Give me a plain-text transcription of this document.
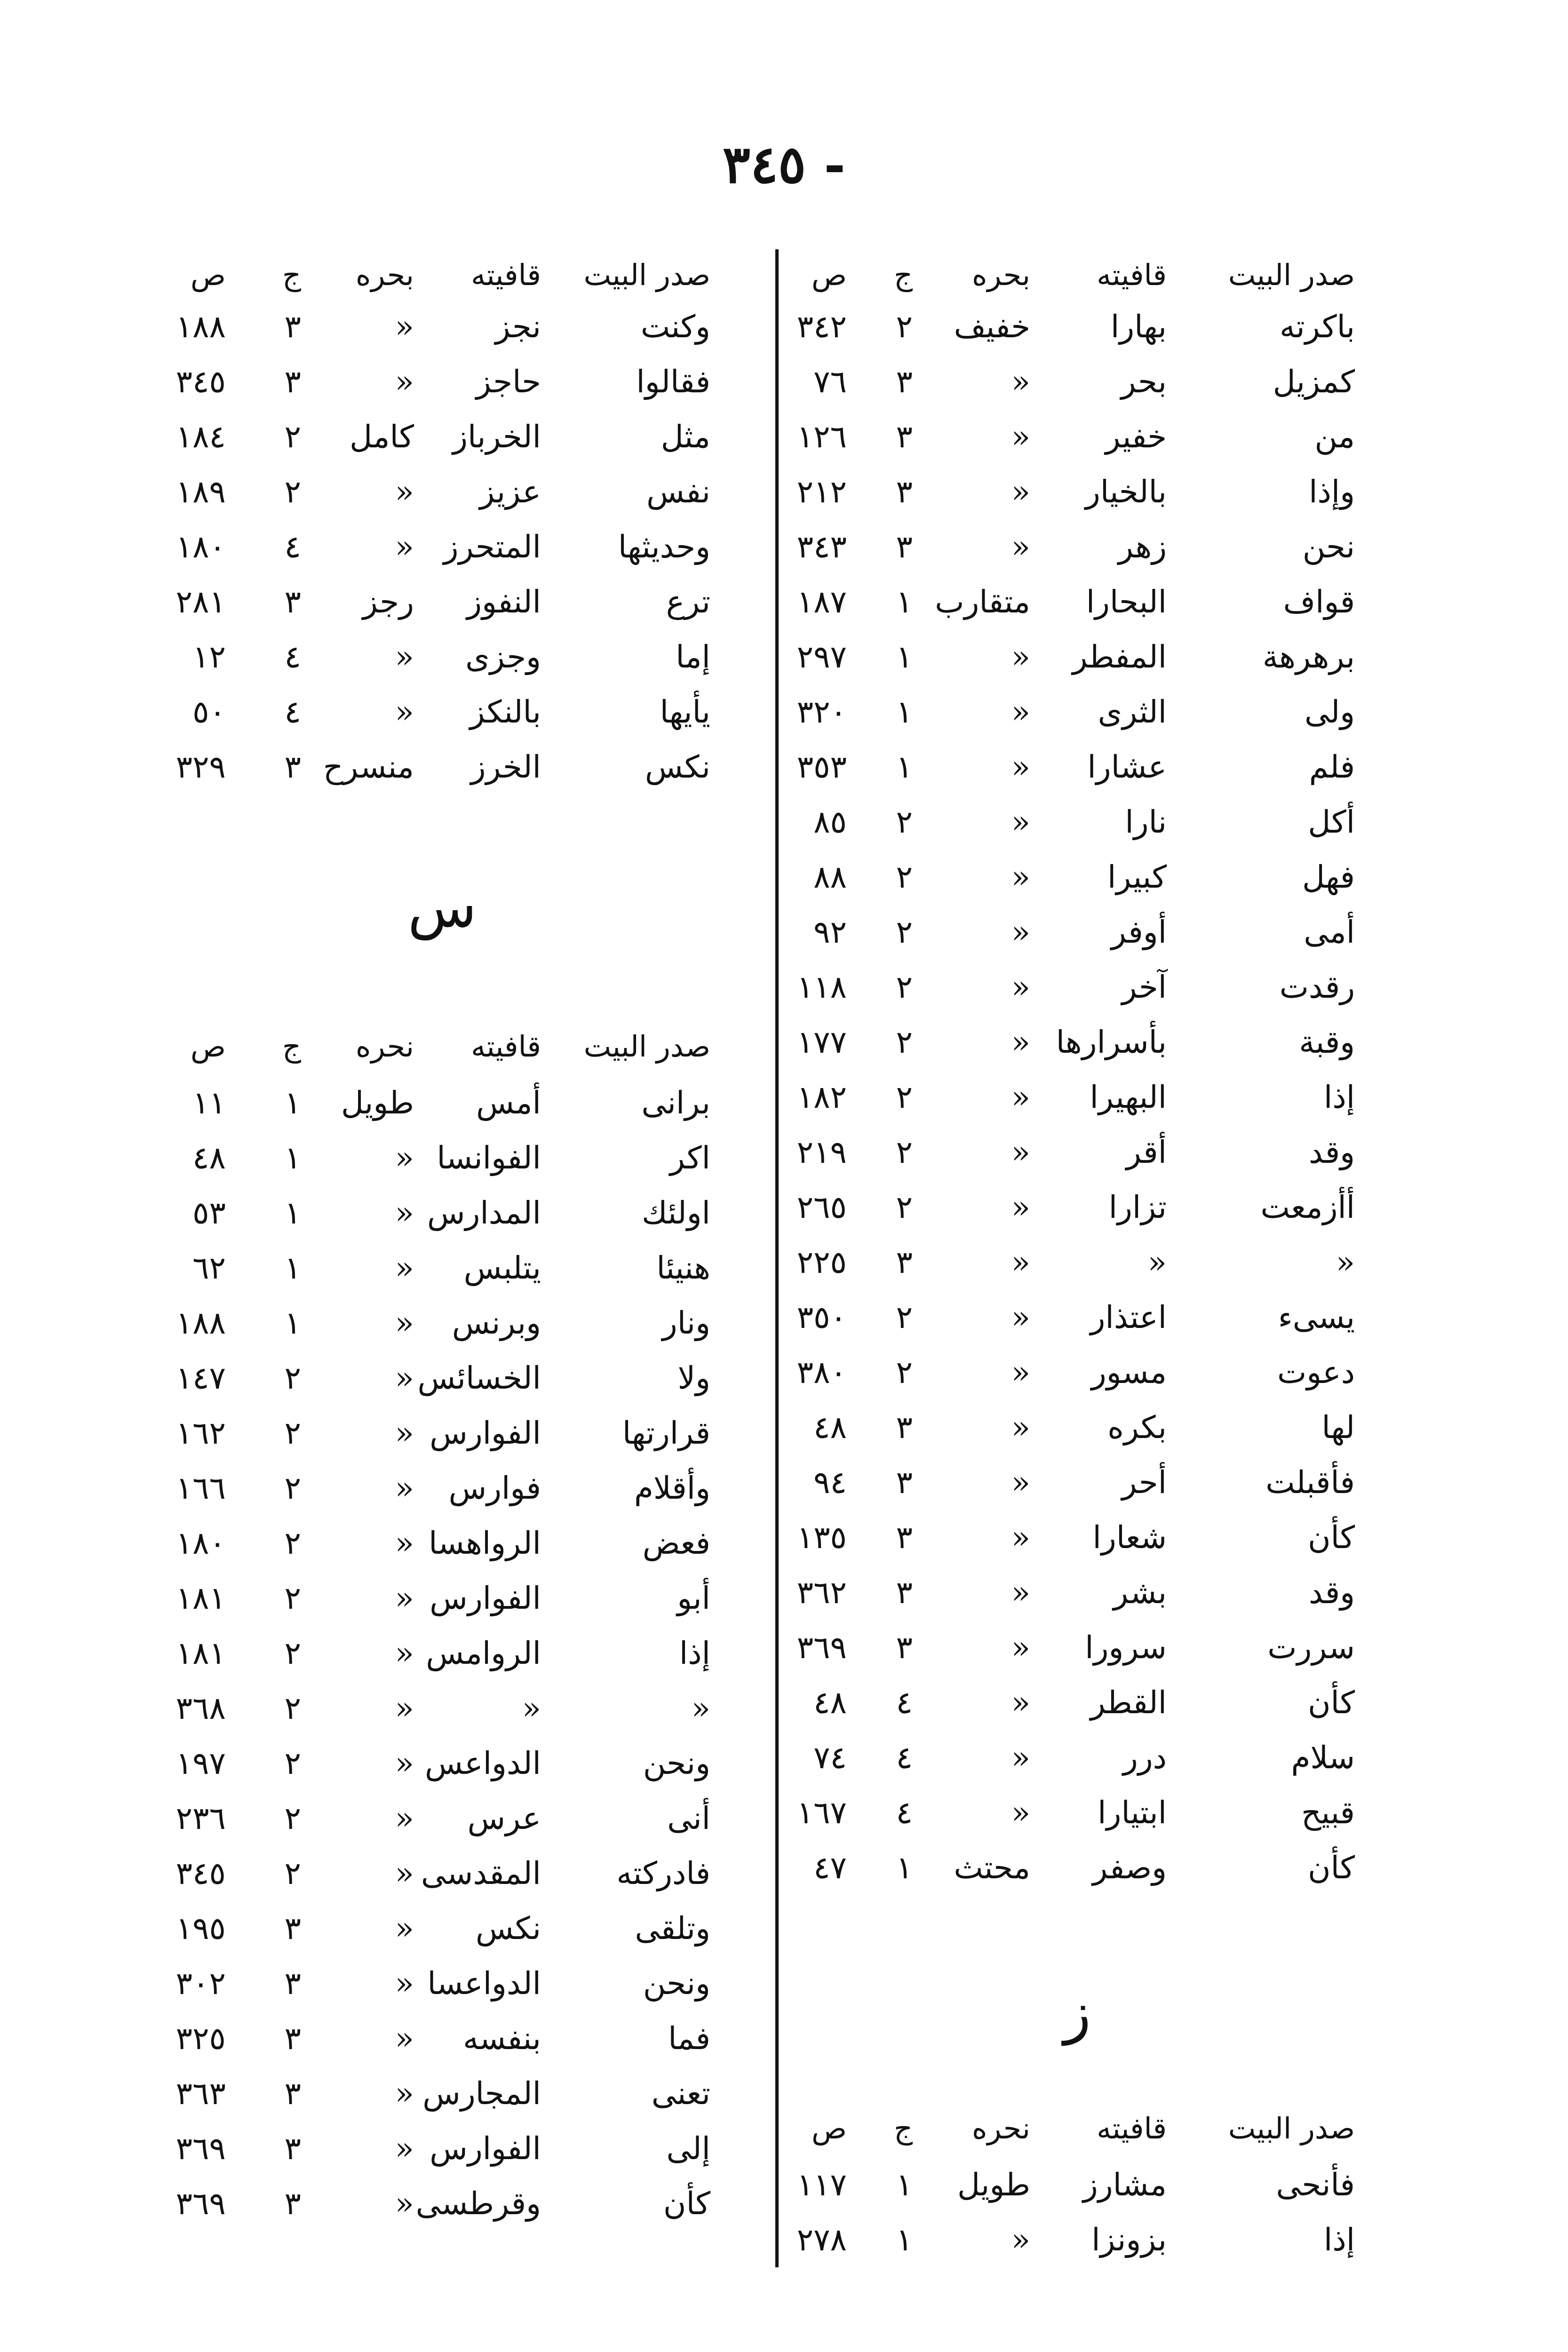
- ٣٤٥
صدر البيت
قافيته
بحره
ج
ص
باكرته
بهارا
خفيف
٢
٣٤٢
كمزيل
بحر
«
٣
٧٦
من
خفير
«
٣
١٢٦
وإذا
بالخيار
«
٣
٢١٢
نحن
زهر
«
٣
٣٤٣
قواف
البحارا
متقارب
١
١٨٧
برهرهة
المفطر
«
١
٢٩٧
ولى
الثرى
«
١
٣٢٠
فلم
عشارا
«
١
٣٥٣
أكل
نارا
«
٢
٨٥
فهل
كبيرا
«
٢
٨٨
أمى
أوفر
«
٢
٩٢
رقدت
آخر
«
٢
١١٨
وقبة
بأسرارها
«
٢
١٧٧
إذا
البهيرا
«
٢
١٨٢
وقد
أقر
«
٢
٢١٩
أأزمعت
تزارا
«
٢
٢٦٥
«
«
«
٣
٢٢٥
يسىء
اعتذار
«
٢
٣٥٠
دعوت
مسور
«
٢
٣٨٠
لها
بكره
«
٣
٤٨
فأقبلت
أحر
«
٣
٩٤
كأن
شعارا
«
٣
١٣٥
وقد
بشر
«
٣
٣٦٢
سررت
سرورا
«
٣
٣٦٩
كأن
القطر
«
٤
٤٨
سلام
درر
«
٤
٧٤
قبيح
ابتيارا
«
٤
١٦٧
كأن
وصفر
محتث
١
٤٧
ز
صدر البيت
قافيته
نحره
ج
ص
فأنحى
مشارز
طويل
١
١١٧
إذا
بزونزا
«
١
٢٧٨
صدر البيت
قافيته
بحره
ج
ص
وكنت
نجز
«
٣
١٨٨
فقالوا
حاجز
«
٣
٣٤٥
مثل
الخرباز
كامل
٢
١٨٤
نفس
عزيز
«
٢
١٨٩
وحديثها
المتحرز
«
٤
١٨٠
ترع
النفوز
رجز
٣
٢٨١
إما
وجزى
«
٤
١٢
يأيها
بالنكز
«
٤
٥٠
نكس
الخرز
منسرح
٣
٣٢٩
س
صدر البيت
قافيته
نحره
ج
ص
برانى
أمس
طويل
١
١١
اكر
الفوانسا
«
١
٤٨
اولئك
المدارس
«
١
٥٣
هنيئا
يتلبس
«
١
٦٢
ونار
وبرنس
«
١
١٨٨
ولا
الخسائس
«
٢
١٤٧
قرارتها
الفوارس
«
٢
١٦٢
وأقلام
فوارس
«
٢
١٦٦
فعض
الرواهسا
«
٢
١٨٠
أبو
الفوارس
«
٢
١٨١
إذا
الروامس
«
٢
١٨١
«
«
«
٢
٣٦٨
ونحن
الدواعس
«
٢
١٩٧
أنى
عرس
«
٢
٢٣٦
فادركته
المقدسى
«
٢
٣٤٥
وتلقى
نكس
«
٣
١٩٥
ونحن
الدواعسا
«
٣
٣٠٢
فما
بنفسه
«
٣
٣٢٥
تعنى
المجارس
«
٣
٣٦٣
إلى
الفوارس
«
٣
٣٦٩
كأن
وقرطسى
«
٣
٣٦٩
